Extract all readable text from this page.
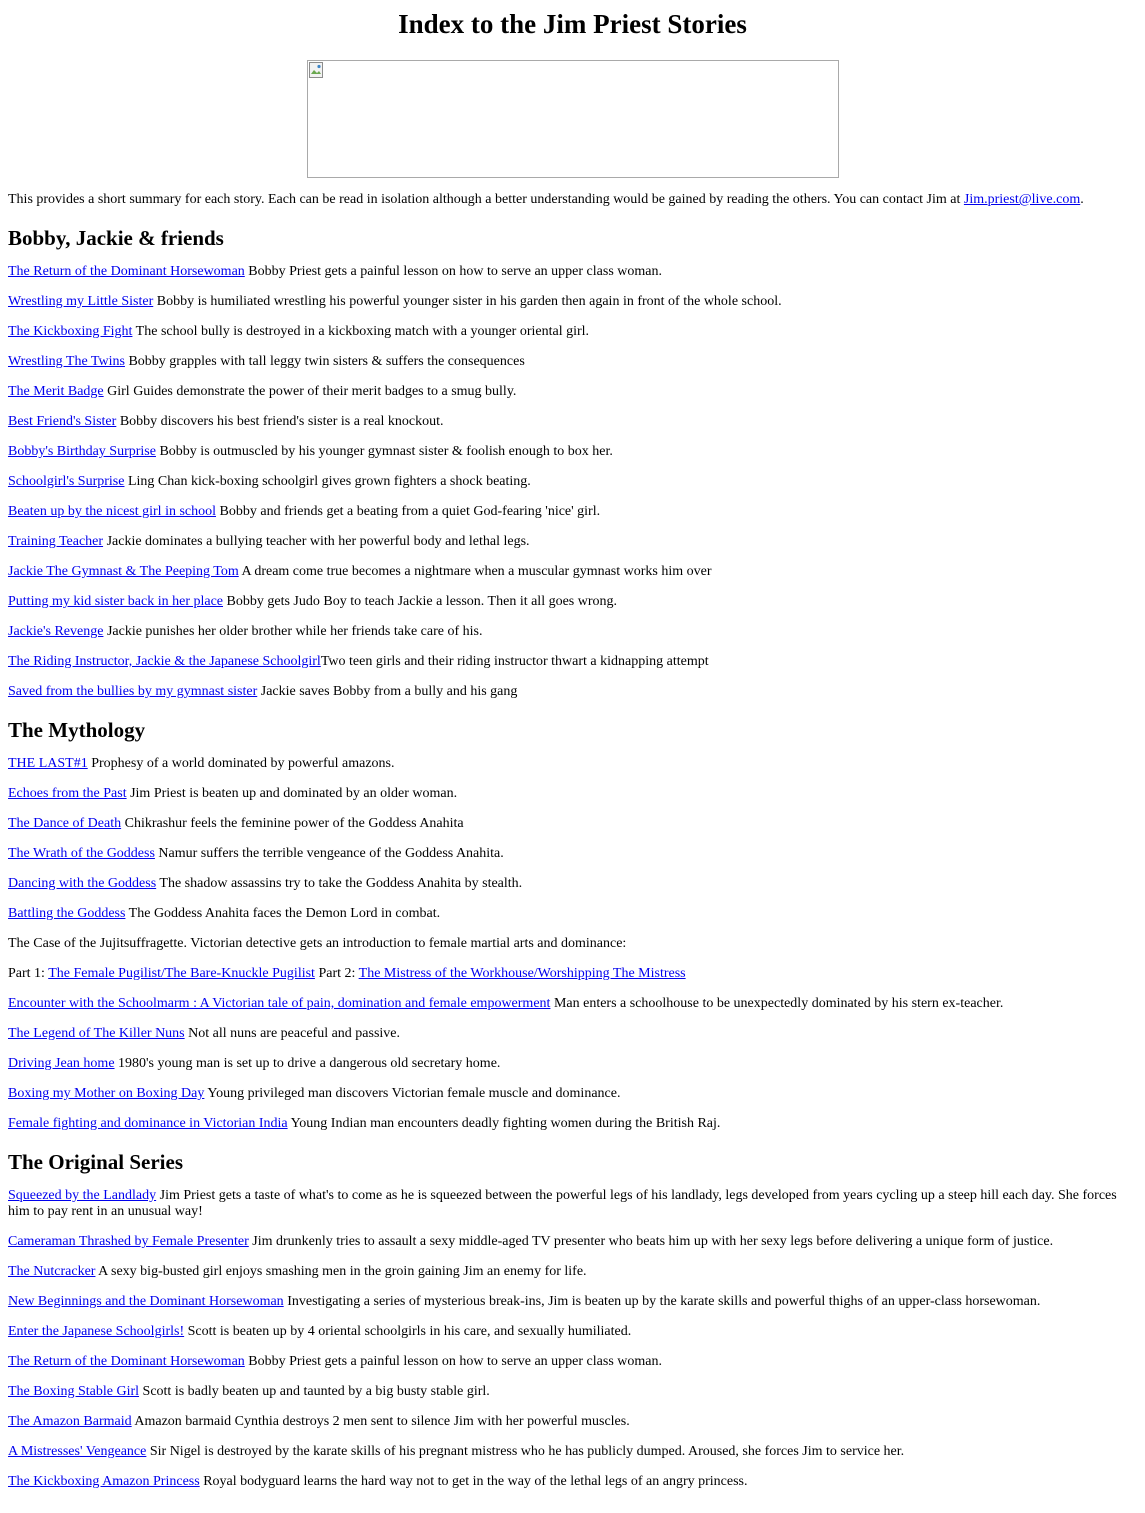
Index to the Jim Priest Stories

This provides a short summary for each story. Each can be read in isolation although a better understanding would be gained by reading the others. You can contact Jim at Jim.priest@live.com.

Bobby, Jackie & friends

The Return of the Dominant Horsewoman Bobby Priest gets a painful lesson on how to serve an upper class woman.

Wrestling my Little Sister Bobby is humiliated wrestling his powerful younger sister in his garden then again in front of the whole school.

The Kickboxing Fight The school bully is destroyed in a kickboxing match with a younger oriental girl.

Wrestling The Twins Bobby grapples with tall leggy twin sisters & suffers the consequences

The Merit Badge Girl Guides demonstrate the power of their merit badges to a smug bully.

Best Friend's Sister Bobby discovers his best friend's sister is a real knockout.

Bobby's Birthday Surprise Bobby is outmuscled by his younger gymnast sister & foolish enough to box her.

Schoolgirl's Surprise Ling Chan kick-boxing schoolgirl gives grown fighters a shock beating.

Beaten up by the nicest girl in school Bobby and friends get a beating from a quiet God-fearing 'nice' girl.

Training Teacher Jackie dominates a bullying teacher with her powerful body and lethal legs.

Jackie The Gymnast & The Peeping Tom A dream come true becomes a nightmare when a muscular gymnast works him over

Putting my kid sister back in her place Bobby gets Judo Boy to teach Jackie a lesson. Then it all goes wrong.

Jackie's Revenge Jackie punishes her older brother while her friends take care of his.

The Riding Instructor, Jackie & the Japanese SchoolgirlTwo teen girls and their riding instructor thwart a kidnapping attempt

Saved from the bullies by my gymnast sister Jackie saves Bobby from a bully and his gang

The Mythology

THE LAST#1 Prophesy of a world dominated by powerful amazons.

Echoes from the Past Jim Priest is beaten up and dominated by an older woman.

The Dance of Death Chikrashur feels the feminine power of the Goddess Anahita

The Wrath of the Goddess Namur suffers the terrible vengeance of the Goddess Anahita.

Dancing with the Goddess The shadow assassins try to take the Goddess Anahita by stealth.

Battling the Goddess The Goddess Anahita faces the Demon Lord in combat.

The Case of the Jujitsuffragette. Victorian detective gets an introduction to female martial arts and dominance:

Part 1: The Female Pugilist/The Bare-Knuckle Pugilist Part 2: The Mistress of the Workhouse/Worshipping The Mistress

Encounter with the Schoolmarm : A Victorian tale of pain, domination and female empowerment Man enters a schoolhouse to be unexpectedly dominated by his stern ex-teacher.

The Legend of The Killer Nuns Not all nuns are peaceful and passive.

Driving Jean home 1980's young man is set up to drive a dangerous old secretary home.

Boxing my Mother on Boxing Day Young privileged man discovers Victorian female muscle and dominance.

Female fighting and dominance in Victorian India Young Indian man encounters deadly fighting women during the British Raj.

The Original Series

Squeezed by the Landlady Jim Priest gets a taste of what's to come as he is squeezed between the powerful legs of his landlady, legs developed from years cycling up a steep hill each day. She forces him to pay rent in an unusual way!

Cameraman Thrashed by Female Presenter Jim drunkenly tries to assault a sexy middle-aged TV presenter who beats him up with her sexy legs before delivering a unique form of justice.

The Nutcracker A sexy big-busted girl enjoys smashing men in the groin gaining Jim an enemy for life.

New Beginnings and the Dominant Horsewoman Investigating a series of mysterious break-ins, Jim is beaten up by the karate skills and powerful thighs of an upper-class horsewoman.

Enter the Japanese Schoolgirls! Scott is beaten up by 4 oriental schoolgirls in his care, and sexually humiliated.

The Return of the Dominant Horsewoman Bobby Priest gets a painful lesson on how to serve an upper class woman.

The Boxing Stable Girl Scott is badly beaten up and taunted by a big busty stable girl.

The Amazon Barmaid Amazon barmaid Cynthia destroys 2 men sent to silence Jim with her powerful muscles.

A Mistresses' Vengeance Sir Nigel is destroyed by the karate skills of his pregnant mistress who he has publicly dumped. Aroused, she forces Jim to service her.

The Kickboxing Amazon Princess Royal bodyguard learns the hard way not to get in the way of the lethal legs of an angry princess.
